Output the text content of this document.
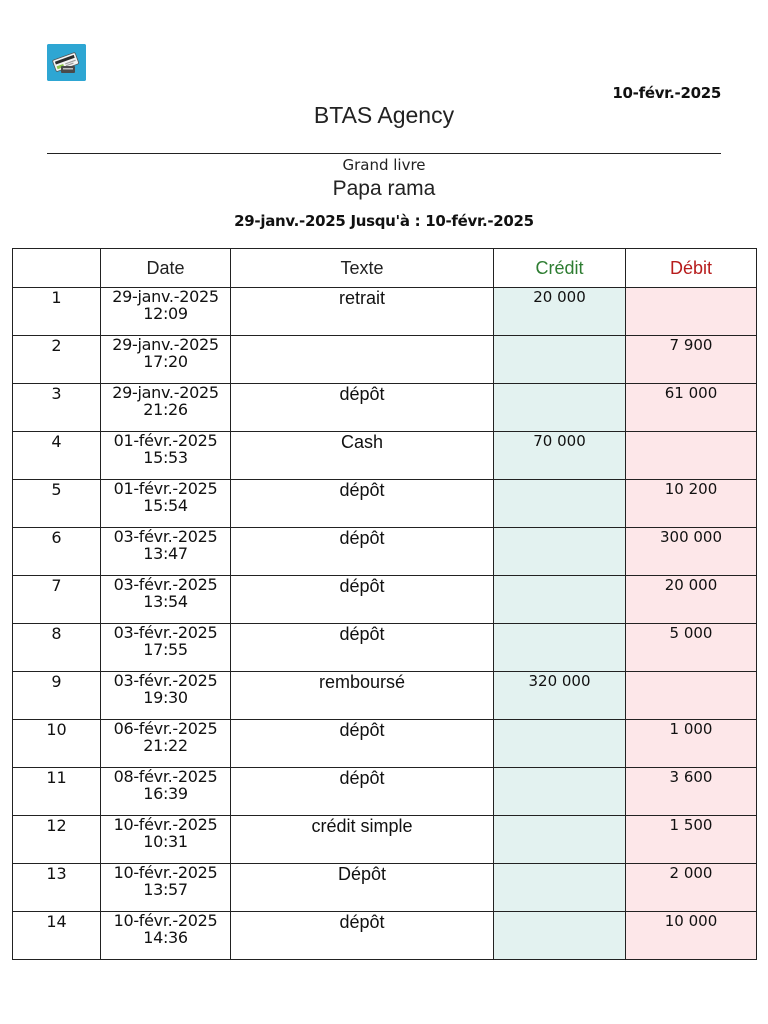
10-févr.-2025
BTAS Agency
Grand livre
Papa rama
29-janv.-2025 Jusqu'à : 10-févr.-2025
	Date	Texte	Crédit	Débit
1	29-janv.-2025
12:09	retrait	20 000	
2	29-janv.-2025
17:20			7 900
3	29-janv.-2025
21:26	dépôt		61 000
4	01-févr.-2025
15:53	Cash	70 000	
5	01-févr.-2025
15:54	dépôt		10 200
6	03-févr.-2025
13:47	dépôt		300 000
7	03-févr.-2025
13:54	dépôt		20 000
8	03-févr.-2025
17:55	dépôt		5 000
9	03-févr.-2025
19:30	remboursé	320 000	
10	06-févr.-2025
21:22	dépôt		1 000
11	08-févr.-2025
16:39	dépôt		3 600
12	10-févr.-2025
10:31	crédit simple		1 500
13	10-févr.-2025
13:57	Dépôt		2 000
14	10-févr.-2025
14:36	dépôt		10 000
